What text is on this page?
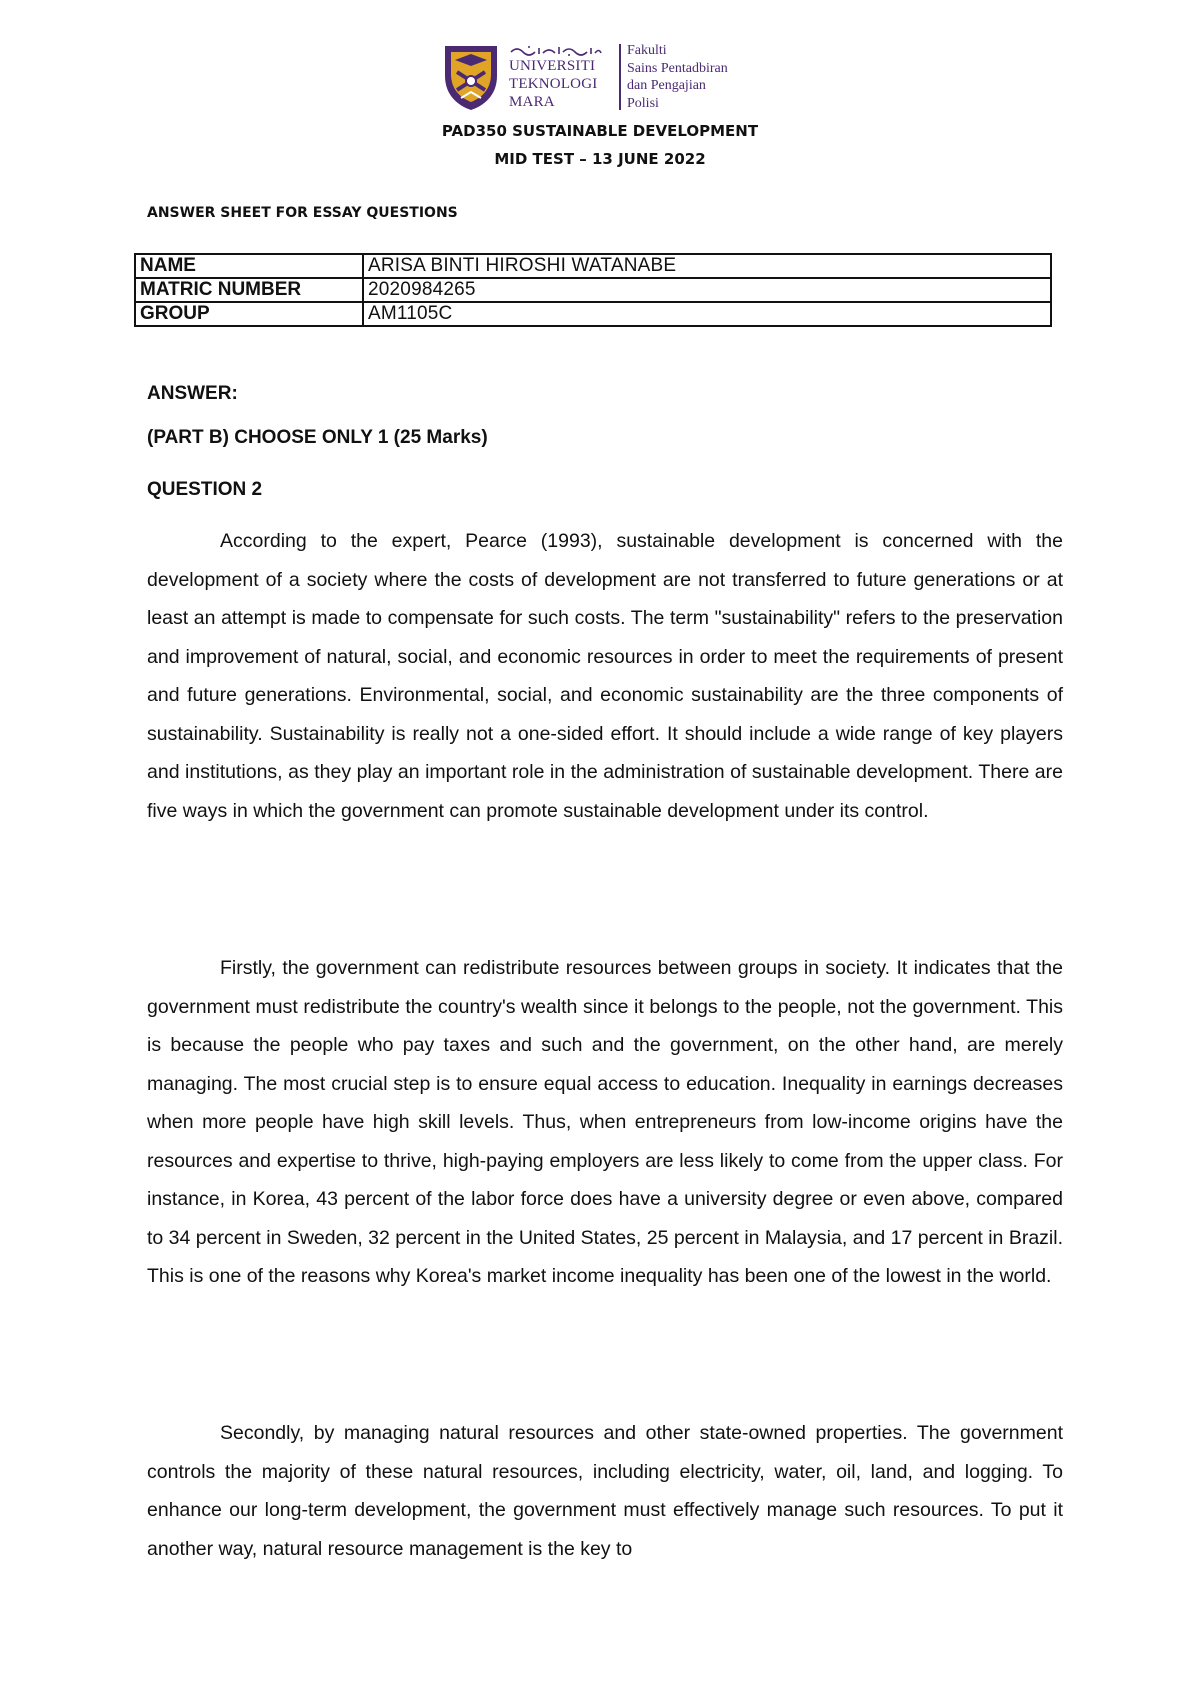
UNIVERSITI
TEKNOLOGI
MARA
Fakulti
Sains Pentadbiran
dan Pengajian
Polisi
PAD350 SUSTAINABLE DEVELOPMENT
MID TEST – 13 JUNE 2022
ANSWER SHEET FOR ESSAY QUESTIONS
NAME	ARISA BINTI HIROSHI WATANABE
MATRIC NUMBER	2020984265
GROUP	AM1105C
ANSWER:
(PART B) CHOOSE ONLY 1 (25 Marks)
QUESTION 2

According to the expert, Pearce (1993), sustainable development is concerned with the development of a society where the costs of development are not transferred to future generations or at least an attempt is made to compensate for such costs. The term "sustainability" refers to the preservation and improvement of natural, social, and economic resources in order to meet the requirements of present and future generations. Environmental, social, and economic sustainability are the three components of sustainability. Sustainability is really not a one-sided effort. It should include a wide range of key players and institutions, as they play an important role in the administration of sustainable development. There are five ways in which the government can promote sustainable development under its control.

Firstly, the government can redistribute resources between groups in society. It indicates that the government must redistribute the country's wealth since it belongs to the people, not the government. This is because the people who pay taxes and such and the government, on the other hand, are merely managing. The most crucial step is to ensure equal access to education. Inequality in earnings decreases when more people have high skill levels. Thus, when entrepreneurs from low-income origins have the resources and expertise to thrive, high-paying employers are less likely to come from the upper class. For instance, in Korea, 43 percent of the labor force does have a university degree or even above, compared to 34 percent in Sweden, 32 percent in the United States, 25 percent in Malaysia, and 17 percent in Brazil. This is one of the reasons why Korea's market income inequality has been one of the lowest in the world.

Secondly, by managing natural resources and other state-owned properties. The government controls the majority of these natural resources, including electricity, water, oil, land, and logging. To enhance our long-term development, the government must effectively manage such resources. To put it another way, natural resource management is the key to
